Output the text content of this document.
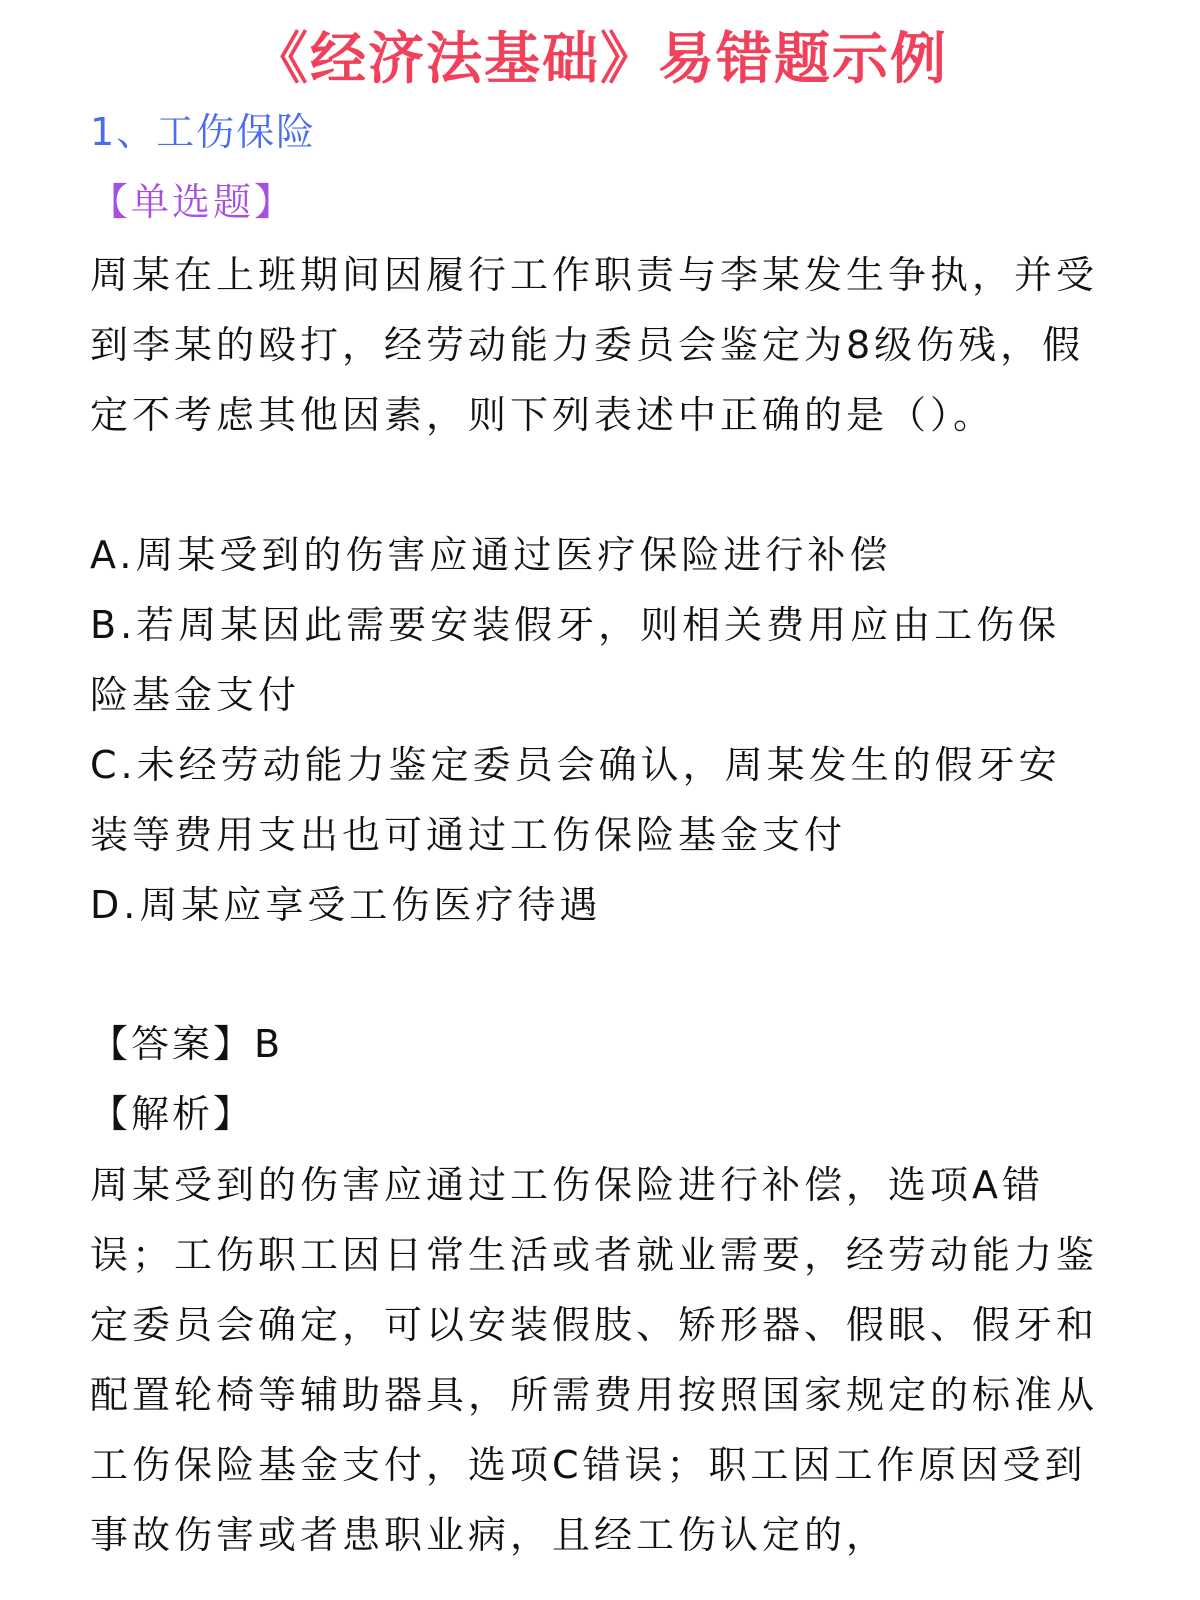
《经济法基础》易错题示例
1、工伤保险
【单选题】
周某在上班期间因履行工作职责与李某发生争执，并受到李某的殴打，经劳动能力委员会鉴定为8级伤残，假定不考虑其他因素，则下列表述中正确的是（）。
A.周某受到的伤害应通过医疗保险进行补偿
B.若周某因此需要安装假牙，则相关费用应由工伤保险基金支付
C.未经劳动能力鉴定委员会确认，周某发生的假牙安装等费用支出也可通过工伤保险基金支付
D.周某应享受工伤医疗待遇
【答案】B
【解析】
周某受到的伤害应通过工伤保险进行补偿，选项A错误；工伤职工因日常生活或者就业需要，经劳动能力鉴定委员会确定，可以安装假肢、矫形器、假眼、假牙和配置轮椅等辅助器具，所需费用按照国家规定的标准从工伤保险基金支付，选项C错误；职工因工作原因受到事故伤害或者患职业病，且经工伤认定的，
